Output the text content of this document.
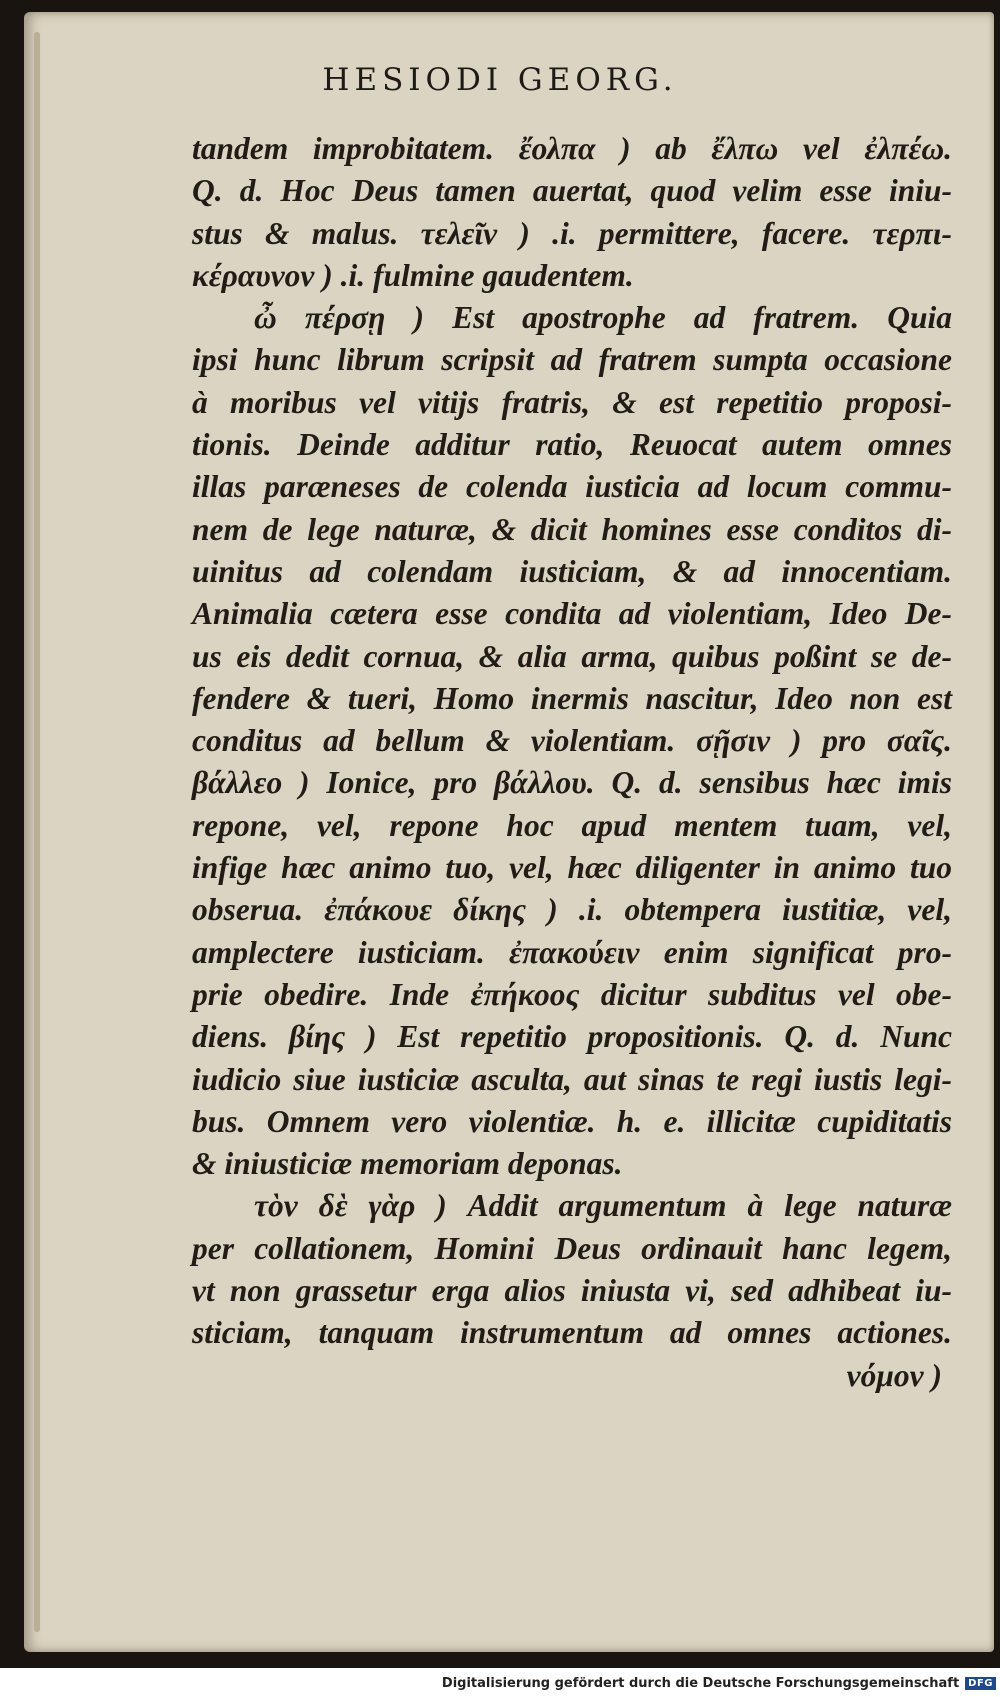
HESIODI GEORG.
tandem improbitatem. ἔολπα ) ab ἔλπω vel ἐλπέω.
Q. d. Hoc Deus tamen auertat, quod velim esse iniu-
stus & malus. τελεῖν ) .i. permittere, facere. τερπι-
κέραυνον ) .i. fulmine gaudentem.
ὦ πέρσῃ ) Est apostrophe ad fratrem. Quia
ipsi hunc librum scripsit ad fratrem sumpta occasione
à moribus vel vitijs fratris, & est repetitio proposi-
tionis. Deinde additur ratio, Reuocat autem omnes
illas paræneses de colenda iusticia ad locum commu-
nem de lege naturæ, & dicit homines esse conditos di-
uinitus ad colendam iusticiam, & ad innocentiam.
Animalia cætera esse condita ad violentiam, Ideo De-
us eis dedit cornua, & alia arma, quibus poßint se de-
fendere & tueri, Homo inermis nascitur, Ideo non est
conditus ad bellum & violentiam. σῇσιν ) pro σαῖς.
βάλλεο ) Ionice, pro βάλλου. Q. d. sensibus hæc imis
repone, vel, repone hoc apud mentem tuam, vel,
infige hæc animo tuo, vel, hæc diligenter in animo tuo
obserua. ἐπάκουε δίκης ) .i. obtempera iustitiæ, vel,
amplectere iusticiam. ἐπακούειν enim significat pro-
prie obedire. Inde ἐπήκοος dicitur subditus vel obe-
diens. βίης ) Est repetitio propositionis. Q. d. Nunc
iudicio siue iusticiæ asculta, aut sinas te regi iustis legi-
bus. Omnem vero violentiæ. h. e. illicitæ cupiditatis
& iniusticiæ memoriam deponas.
τὸν δὲ γὰρ ) Addit argumentum à lege naturæ
per collationem, Homini Deus ordinauit hanc legem,
vt non grassetur erga alios iniusta vi, sed adhibeat iu-
sticiam, tanquam instrumentum ad omnes actiones.
νόμον )
Digitalisierung gefördert durch die Deutsche Forschungsgemeinschaft DFG
